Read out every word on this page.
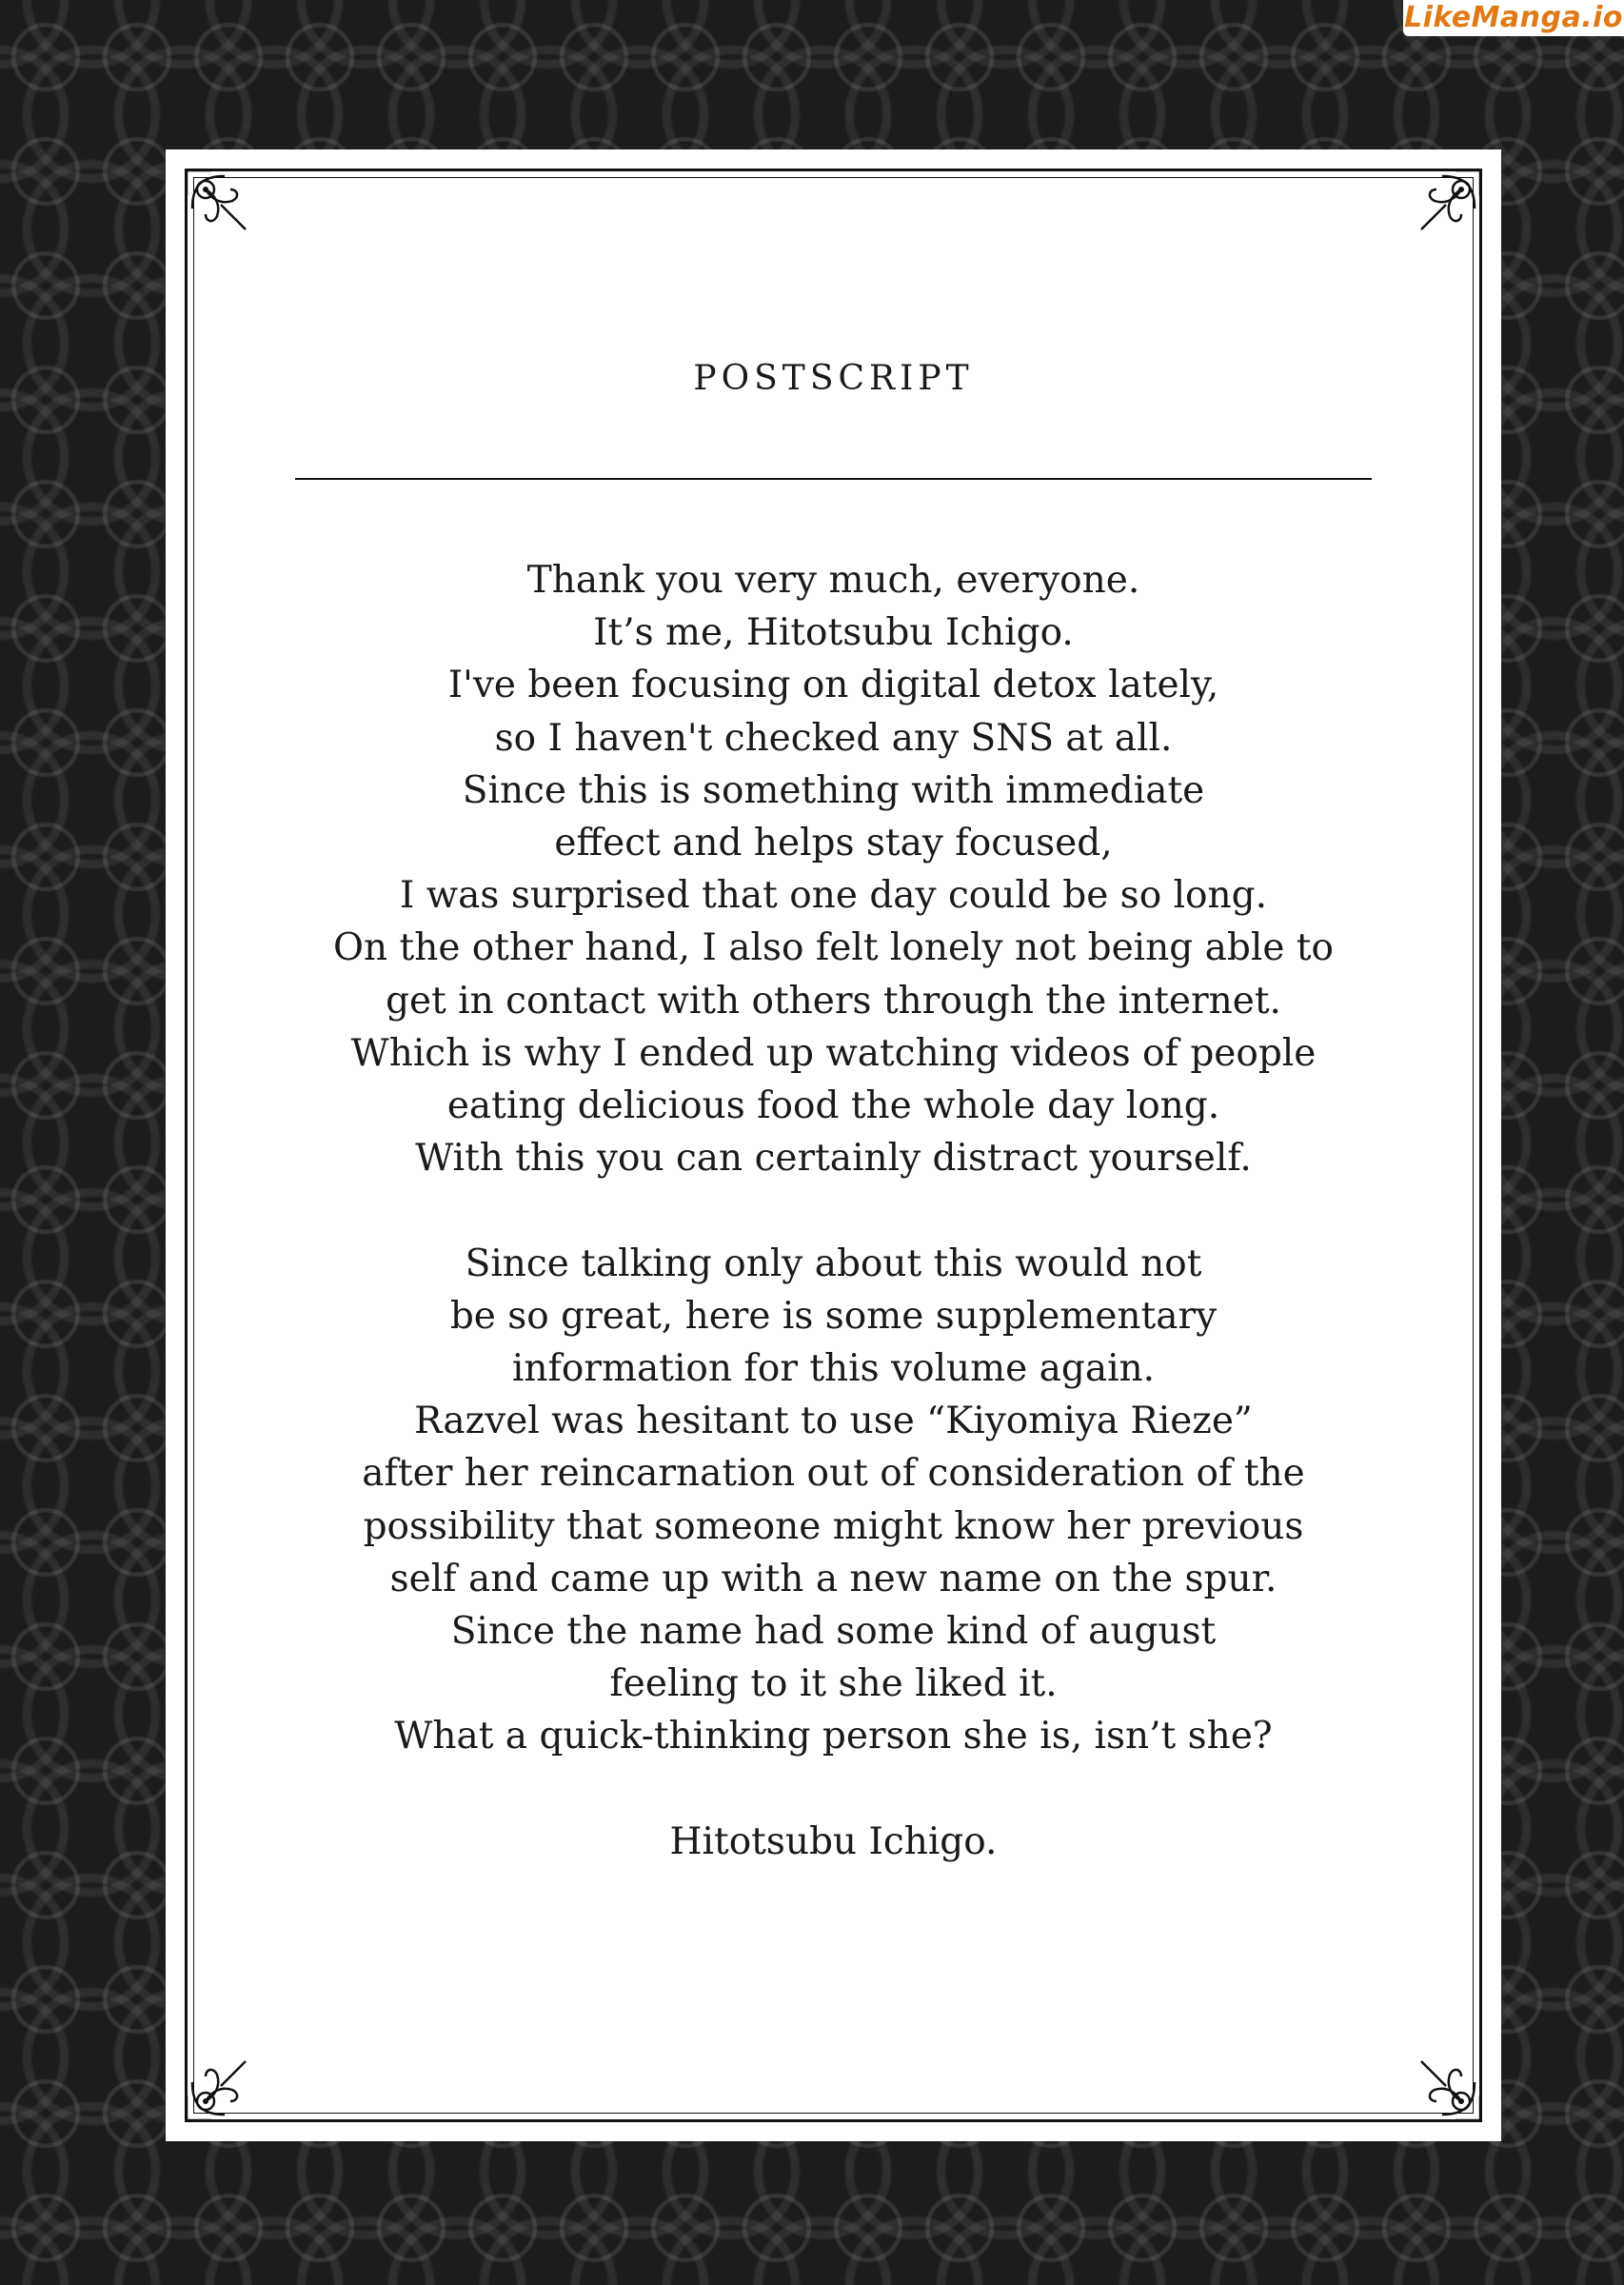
LikeManga.io
POSTSCRIPT
Thank you very much, everyone.
It’s me, Hitotsubu Ichigo.
I've been focusing on digital detox lately,
so I haven't checked any SNS at all.
Since this is something with immediate
effect and helps stay focused,
I was surprised that one day could be so long.
On the other hand, I also felt lonely not being able to
get in contact with others through the internet.
Which is why I ended up watching videos of people
eating delicious food the whole day long.
With this you can certainly distract yourself.
Since talking only about this would not
be so great, here is some supplementary
information for this volume again.
Razvel was hesitant to use “Kiyomiya Rieze”
after her reincarnation out of consideration of the
possibility that someone might know her previous
self and came up with a new name on the spur.
Since the name had some kind of august
feeling to it she liked it.
What a quick-thinking person she is, isn’t she?
Hitotsubu Ichigo.
